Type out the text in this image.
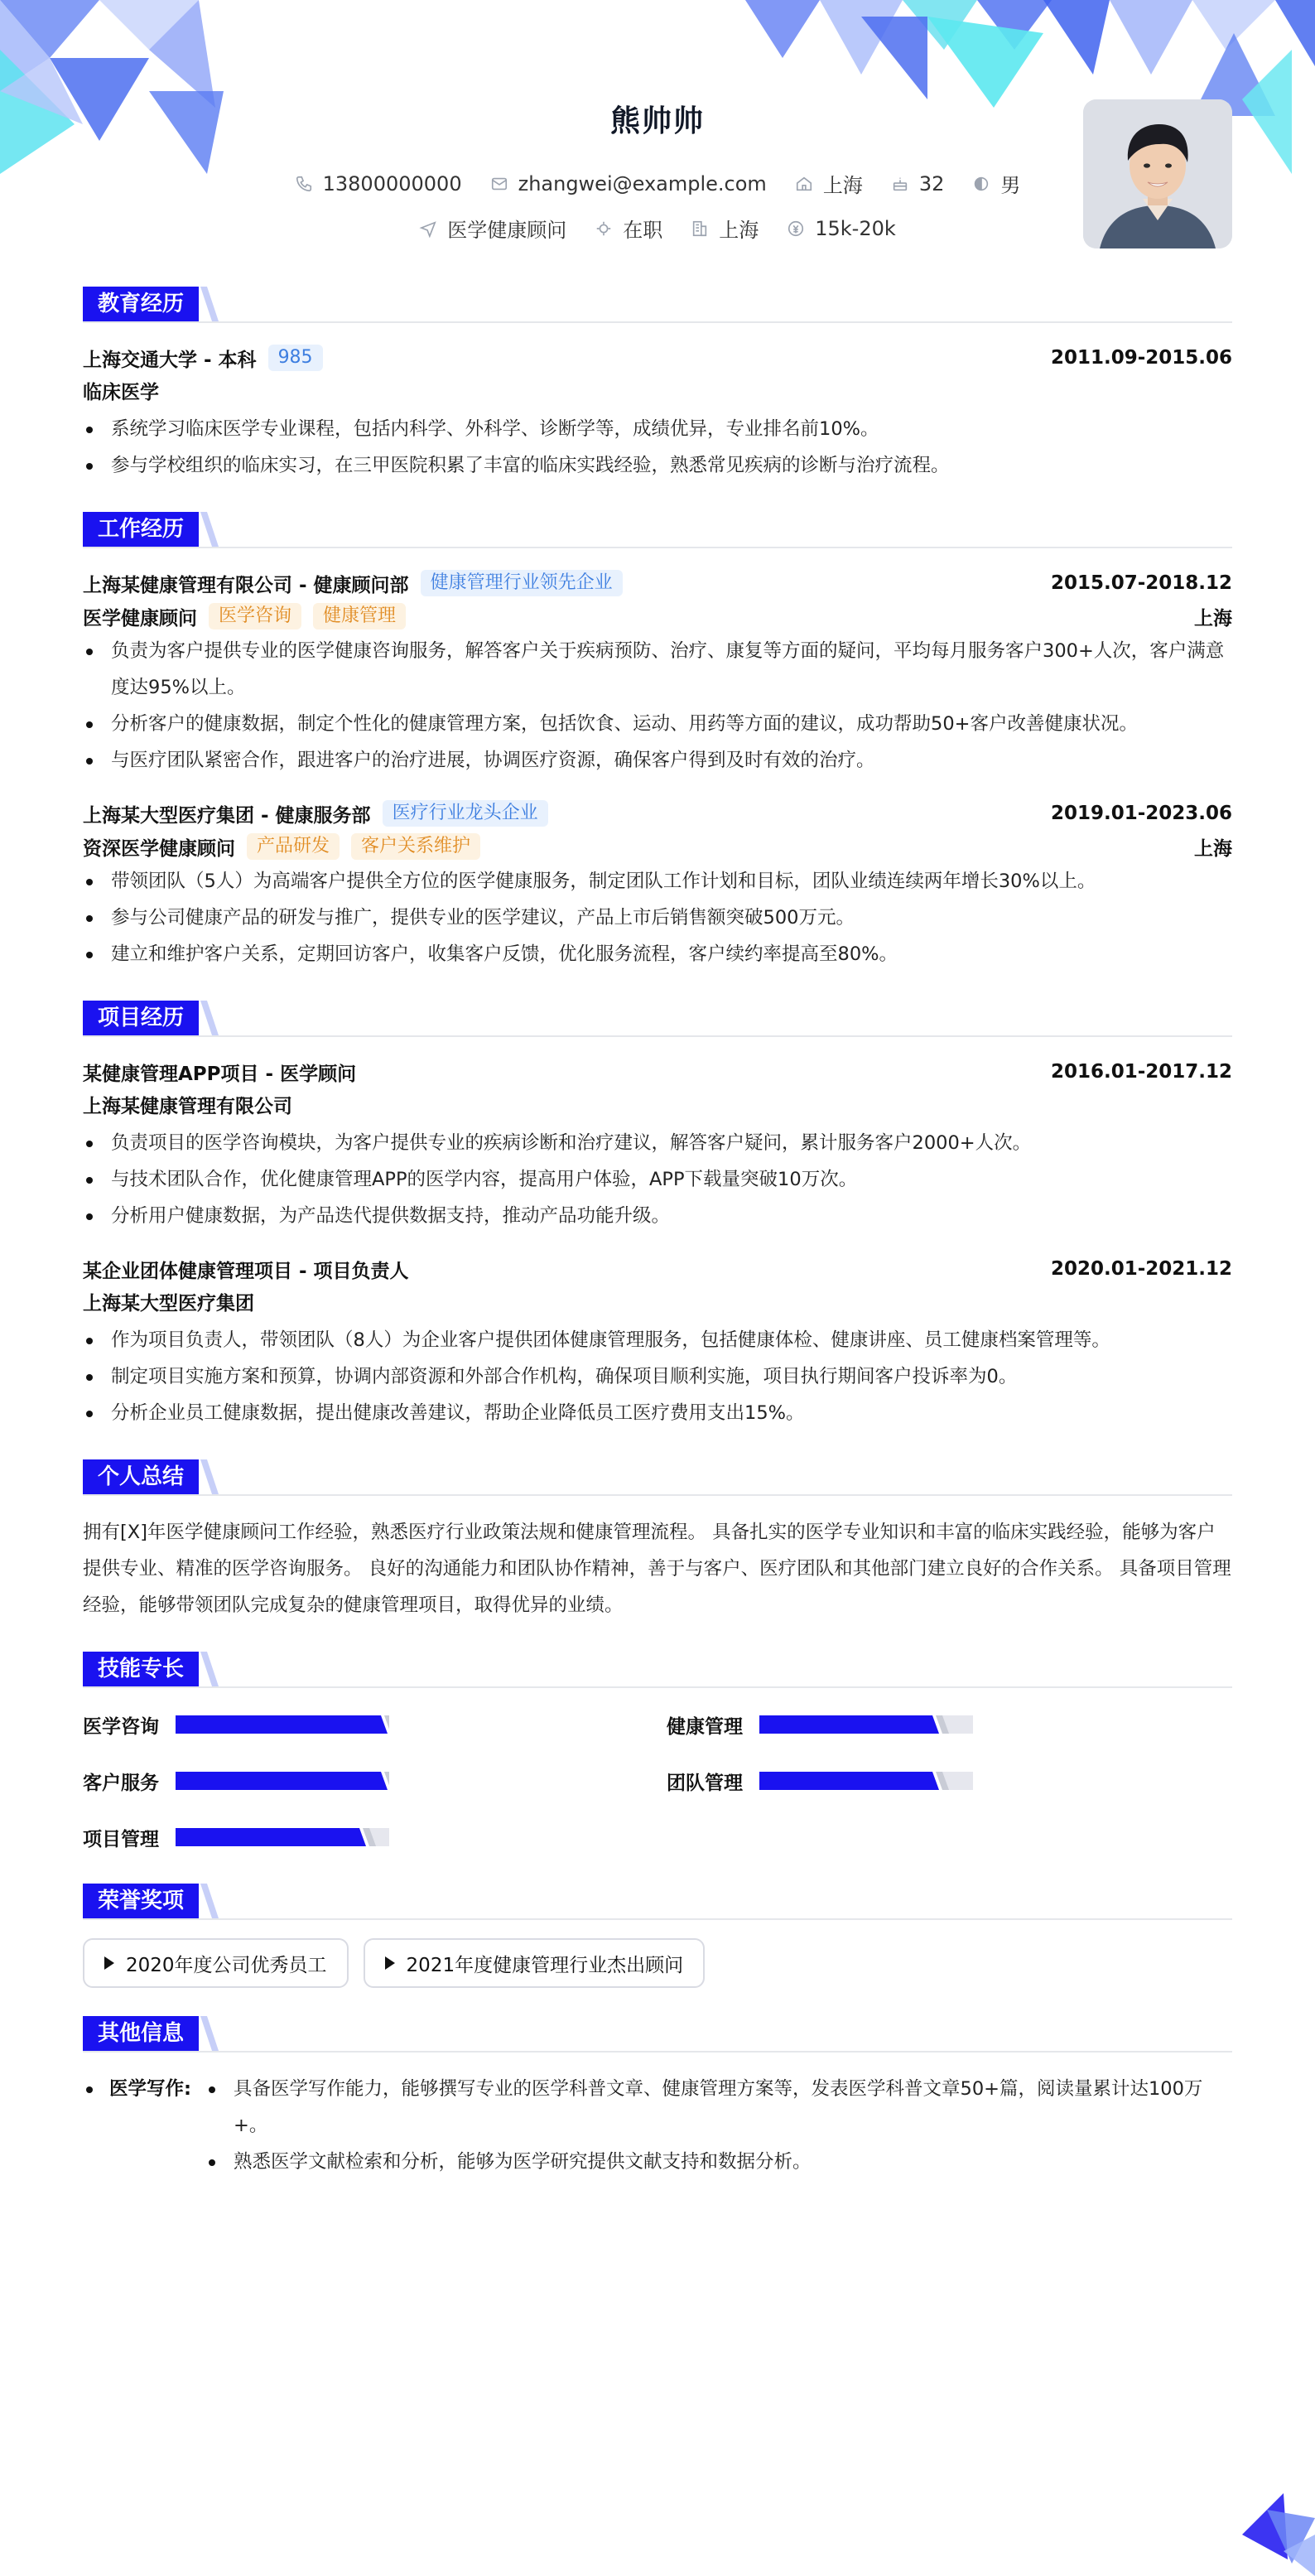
熊帅帅
13800000000	zhangwei@example.com	上海	32	男
医学健康顾问	在职	上海	15k-20k
教育经历
上海交通大学 - 本科	985	2011.09-2015.06
临床医学
系统学习临床医学专业课程，包括内科学、外科学、诊断学等，成绩优异，专业排名前10%。
参与学校组织的临床实习，在三甲医院积累了丰富的临床实践经验，熟悉常见疾病的诊断与治疗流程。
工作经历
上海某健康管理有限公司 - 健康顾问部	健康管理行业领先企业	2015.07-2018.12
医学健康顾问	医学咨询	健康管理	上海
负责为客户提供专业的医学健康咨询服务，解答客户关于疾病预防、治疗、康复等方面的疑问，平均每月服务客户300+人次，客户满意度达95%以上。
分析客户的健康数据，制定个性化的健康管理方案，包括饮食、运动、用药等方面的建议，成功帮助50+客户改善健康状况。
与医疗团队紧密合作，跟进客户的治疗进展，协调医疗资源，确保客户得到及时有效的治疗。
上海某大型医疗集团 - 健康服务部	医疗行业龙头企业	2019.01-2023.06
资深医学健康顾问	产品研发	客户关系维护	上海
带领团队（5人）为高端客户提供全方位的医学健康服务，制定团队工作计划和目标，团队业绩连续两年增长30%以上。
参与公司健康产品的研发与推广，提供专业的医学建议，产品上市后销售额突破500万元。
建立和维护客户关系，定期回访客户，收集客户反馈，优化服务流程，客户续约率提高至80%。
项目经历
某健康管理APP项目 - 医学顾问	2016.01-2017.12
上海某健康管理有限公司
负责项目的医学咨询模块，为客户提供专业的疾病诊断和治疗建议，解答客户疑问，累计服务客户2000+人次。
与技术团队合作，优化健康管理APP的医学内容，提高用户体验，APP下载量突破10万次。
分析用户健康数据，为产品迭代提供数据支持，推动产品功能升级。
某企业团体健康管理项目 - 项目负责人	2020.01-2021.12
上海某大型医疗集团
作为项目负责人，带领团队（8人）为企业客户提供团体健康管理服务，包括健康体检、健康讲座、员工健康档案管理等。
制定项目实施方案和预算，协调内部资源和外部合作机构，确保项目顺利实施，项目执行期间客户投诉率为0。
分析企业员工健康数据，提出健康改善建议，帮助企业降低员工医疗费用支出15%。
个人总结
拥有[X]年医学健康顾问工作经验，熟悉医疗行业政策法规和健康管理流程。 具备扎实的医学专业知识和丰富的临床实践经验，能够为客户提供专业、精准的医学咨询服务。 良好的沟通能力和团队协作精神，善于与客户、医疗团队和其他部门建立良好的合作关系。 具备项目管理经验，能够带领团队完成复杂的健康管理项目，取得优异的业绩。
技能专长
医学咨询	健康管理
客户服务	团队管理
项目管理
荣誉奖项
2020年度公司优秀员工	2021年度健康管理行业杰出顾问
其他信息
医学写作:	具备医学写作能力，能够撰写专业的医学科普文章、健康管理方案等，发表医学科普文章50+篇，阅读量累计达100万+。
熟悉医学文献检索和分析，能够为医学研究提供文献支持和数据分析。
